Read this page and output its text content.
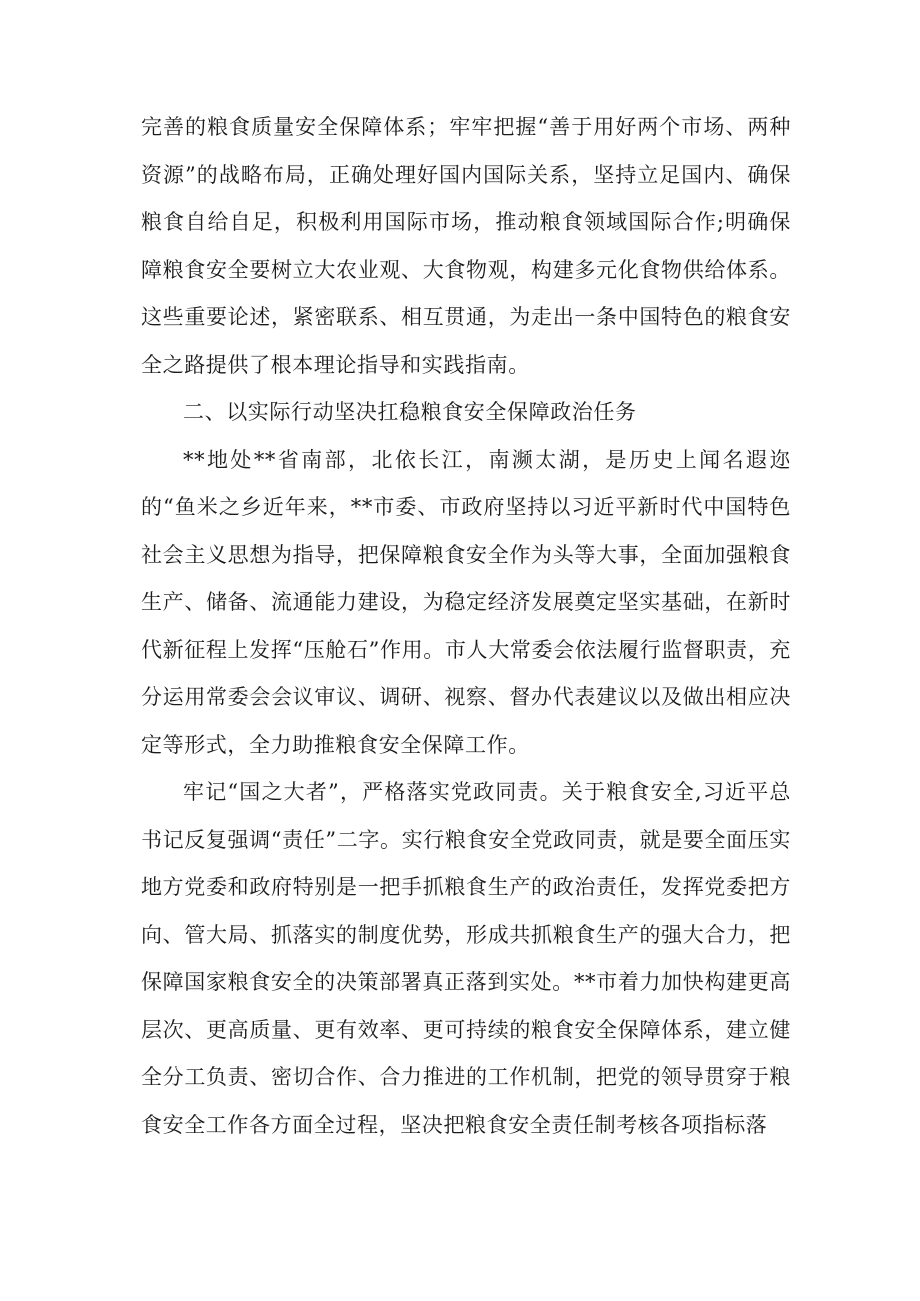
完善的粮食质量安全保障体系；牢牢把握“善于用好两个市场、两种资源”的战略布局，正确处理好国内国际关系，坚持立足国内、确保粮食自给自足，积极利用国际市场，推动粮食领域国际合作;明确保障粮食安全要树立大农业观、大食物观，构建多元化食物供给体系。这些重要论述，紧密联系、相互贯通，为走出一条中国特色的粮食安全之路提供了根本理论指导和实践指南。

二、以实际行动坚决扛稳粮食安全保障政治任务

**地处**省南部，北依长江，南濒太湖，是历史上闻名遐迩的“鱼米之乡近年来，**市委、市政府坚持以习近平新时代中国特色社会主义思想为指导，把保障粮食安全作为头等大事，全面加强粮食生产、储备、流通能力建设，为稳定经济发展奠定坚实基础，在新时代新征程上发挥“压舱石”作用。市人大常委会依法履行监督职责，充分运用常委会会议审议、调研、视察、督办代表建议以及做出相应决定等形式，全力助推粮食安全保障工作。

牢记“国之大者”，严格落实党政同责。关于粮食安全,习近平总书记反复强调“责任”二字。实行粮食安全党政同责，就是要全面压实地方党委和政府特别是一把手抓粮食生产的政治责任，发挥党委把方向、管大局、抓落实的制度优势，形成共抓粮食生产的强大合力，把保障国家粮食安全的决策部署真正落到实处。**市着力加快构建更高层次、更高质量、更有效率、更可持续的粮食安全保障体系，建立健全分工负责、密切合作、合力推进的工作机制，把党的领导贯穿于粮食安全工作各方面全过程，坚决把粮食安全责任制考核各项指标落
